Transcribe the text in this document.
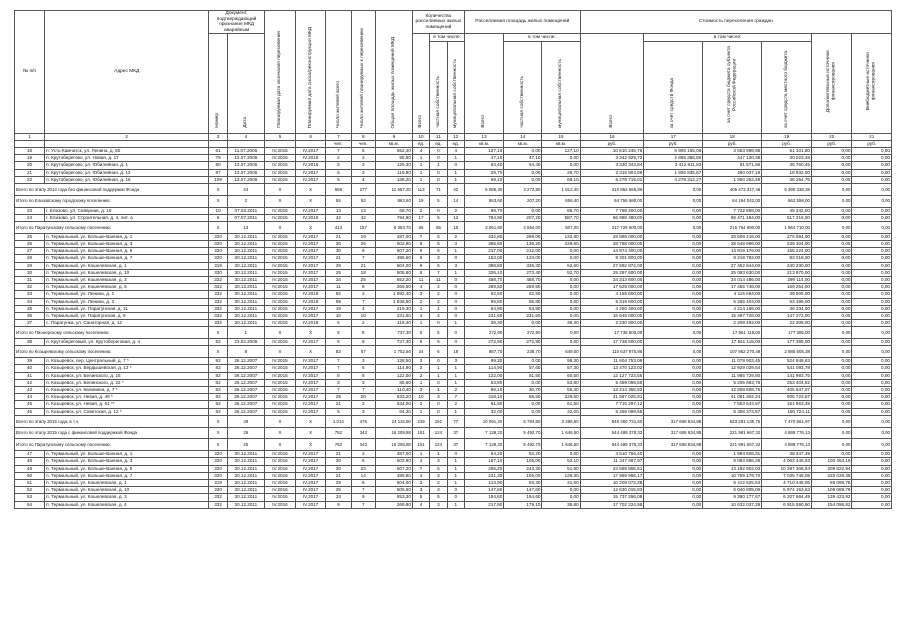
№ п/п	Адрес МКД	Документ, подтверждающий признание МКД аварийным		Планируемая дата окончания переселения	Планируемая дата сноса/реконструкции МКД	Число жителей всего	Число жителей планируемых к переселению	Общая площадь жилых помещений МКД	Количество расселяемых жилых помещений			Расселяемая площадь жилых помещений			Стоимость переселения граждан					
		Номер	Дата						Всего	в том числе:		Всего	в том числе:		Всего	в том числе:			Дополнительные источники финансирования	Внебюджетные источники финансирования
										частная собственность	муниципальная собственность		частная собственность	муниципальная собственность		за счет средств Фонда	за счет средств бюджета субъекта Российской Федерации	за счет средств местного бюджета		
1	2	3	4	5	6	7	8	9	10	11	12	13	14	15	16	17	18	19	20	21
						чел.	чел.	кв.м.	ед.	ед.	ед.	кв.м.	кв.м.	кв.м.	руб.	руб.	руб.	руб.	руб.	руб.
18	п. Усть-Камчатск, ул. Ленина, д. 80	61	11.07.2006	IV.2015	IV.2017	7	5	552,40	4	0	4	127,10	0,00	127,10	10 610 245,76	6 905 155,08	3 653 998,98	51 101,80	0,00	0,00
19	п. Крутоберегово, ул. Новая, д. 17	78	13.07.2006	IV.2015	IV.2016	2	2	95,60	1	0	1	47,10	47,10	0,00	3 342 929,72	2 865 385,86	447 120,38	30 023,48	0,00	0,00
20	п. Крутоберегово, ул. Юбилейная, д. 1	80	13.07.2006	IV.2015	IV.2016	3	3	129,30	1	1	0	64,40	64,40	0,00	3 330 343,84	3 412 911,83	81 671,56	35 760,45	0,00	0,00
21	п. Крутоберегово, ул. Юбилейная, д. 12	87	13.07.2006	IV.2015	IV.2017	6	3	115,90	1	0	1	29,70	0,00	29,70	2 315 804,86	1 806 835,67	490 037,19	18 932,00	0,00	0,00
22	п. Крутоберегово, ул. Юбилейная, д. 16	109	13.07.2006	IV.2015	IV.2017	5	4	138,20	1	0	1	69,10	0,00	69,10	6 276 715,02	4 278 312,27	1 950 252,48	48 254,76	0,00	0,00
Всего по этапу 2014 года без финансовой поддержки Фонда		X	24	X	X	559	277	11 657,20	113	71	42	5 085,30	3 272,80	1 812,40	410 862 655,86	0,00	405 472 317,48	5 390 338,38	0,00	0,00
Итого по Елизовскому городскому поселению:		X	2	X	X	55	53	863,60	19	5	14	863,60	207,20	656,40	64 756 680,00	0,00	64 194 042,00	562 558,00	0,00	0,00
23	г. Елизово, ул. Северная, д. 15	10	07.03.2011	IV.2015	IV.2017	13	13	68,70	2	0	2	68,70	0,00	68,70	7 768 200,00	0,00	7 722 858,00	45 342,00	0,00	0,00
24	г. Елизово, ул. Строительная, д. 4, лит. а	6	07.07.2011	IV.2015	IV.2016	42	42	794,90	17	5	12	794,90	207,20	587,70	56 988 480,00	0,00	56 471 184,00	517 216,00	0,00	0,00
Итого по Паратунскому сельскому поселению:		X	13	X	X	413	157	8 353,70	65	55	10	3 061,80	2 554,00	507,00	217 729 600,00	0,00	215 764 890,00	1 964 710,00	0,00	0,00
25	п. Термальный, ул. Больше-Банная, д. 1	320	30.12.2011	IV.2015	IV.2017	21	19	487,00	7	5	2	432,80	299,00	133,80	28 885 000,00	0,00	28 609 416,00	275 584,00	0,00	0,00
26	п. Термальный, ул. Больше-Банная, д. 3	320	30.12.2011	IV.2015	IV.2017	30	25	502,90	8	5	3	365,80	136,20	229,60	28 788 000,00	0,00	28 548 996,00	239 304,00	0,00	0,00
27	п. Термальный, ул. Больше-Банная, д. 5	320	30.12.2011	IV.2015	IV.2017	30	9	507,20	5	6	1	217,00	212,00	0,00	14 974 400,00	0,00	14 819 176,00	155 224,00	0,00	0,00
28	п. Термальный, ул. Больше-Банная, д. 7	320	30.12.2011	IV.2015	IV.2017	21	7	495,60	5	3	0	153,00	133,00	0,00	8 301 600,00	0,00	8 218 782,00	83 018,00	0,00	0,00
29	п. Термальный, ул. Кошелевская, д. 1	319	30.12.2011	IV.2015	IV.2017	29	21	504,00	9	6	3	388,80	336,30	52,60	27 692 874,00	0,00	27 452 644,00	240 230,00	0,00	0,00
30	п. Термальный, ул. Кошелевская, д. 10	330	30.12.2011	IV.2015	IV.2017	25	18	505,60	8	7	1	326,10	273,40	52,70	25 297 600,00	0,00	25 083 630,00	213 970,00	0,00	0,00
31	п. Термальный, ул. Кошелевская, д. 3	332	30.12.2011	IV.2015	IV.2017	34	25	652,20	11	11	0	458,70	458,70	0,00	34 313 600,00	0,00	34 014 486,00	299 114,00	0,00	0,00
32	п. Термальный, ул. Кошелевская, д. 5	332	30.12.2011	IV.2015	IV.2017	11	8	269,50	4	4	0	269,50	269,50	0,00	17 625 000,00	0,00	17 455 746,00	169 254,00	0,00	0,00
33	п. Термальный, ул. Ленина, д. 2	332	30.12.2011	IV.2015	IV.2018	92	2	1 992,40	3	2	0	62,50	62,50	0,00	4 155 600,00	0,00	4 115 694,00	39 906,00	0,00	0,00
34	п. Термальный, ул. Ленина, д. 3	332	30.12.2011	IV.2015	IV.2018	99	7	1 936,90	2	2	0	85,80	85,80	0,00	5 319 600,00	0,00	5 266 404,00	53 196,00	0,00	0,00
35	п. Термальный, ул. Паратунская, д. 11	332	30.12.2011	IV.2015	IV.2017	19	4	219,30	1	1	0	54,90	54,90	0,00	4 250 400,00	0,00	4 214 166,00	36 234,00	0,00	0,00
36	п. Термальный, ул. Паратунская, д. 6	332	30.12.2011	IV.2015	IV.2017	10	10	231,60	4	4	0	231,60	231,60	0,00	15 645 000,00	0,00	15 497 728,00	147 272,00	0,00	0,00
37	с. Паратунка, ул. Санаторная, д. 12	332	30.12.2011	IV.2015	IV.2018	5	2	118,40	1	0	1	38,30	0,00	38,30	2 230 800,00	0,00	2 208 492,00	22 308,00	0,00	0,00
Итого по Пионерскому сельскому поселению:		X	1	X	X	8	8	737,30	5	5	0	272,90	272,90	0,00	17 738 500,00	0,00	17 561 115,00	177 385,00	0,00	0,00
38	п. Крутоберeговый, ул. Крутоберeговая, д. 4	52	23.03.2006	IV.2015	IV.2017	8	8	737,30	5	5	0	272,90	272,90	0,00	17 738 500,00	0,00	17 561 115,00	177 385,00	0,00	0,00
Итого по Козыревскому сельскому поселению:		X	8	X	X	83	57	1 702,60	24	6	18	887,70	238,70	649,00	110 637 875,86	0,00	107 952 270,48	2 685 605,38	0,00	0,00
39	п. Козыревск, пер. Центральный, д. 7 *	82	26.12.2007	IV.2015	IV.2017	7	3	138,50	3	0	3	99,30	0,00	99,30	11 604 753,08	0,00	11 079 903,45	524 849,63	0,00	0,00
40	п. Козыревск, ул. Бердышевская, д. 13 *	82	26.12.2007	IV.2015	IV.2017	7	6	114,90	2	1	1	114,90	57,60	57,30	13 470 123,02	0,00	12 929 029,54	541 093,78	0,00	0,00
41	п. Козыревск, ул. Белинского, д. 15	82	26.12.2007	IV.2015	IV.2017	8	8	122,00	2	1	1	122,00	61,50	60,50	12 127 723,55	0,00	11 985 729,80	141 993,75	0,00	0,00
42	п. Козыревск, ул. Белинского, д. 22 *	82	26.12.2007	IV.2015	IV.2017	3	3	85,60	1	0	1	53,80	0,00	53,80	5 459 098,58	0,00	5 205 693,76	253 404,82	0,00	0,00
43	п. Козыревск, ул. Калинина, д. 7 *	82	26.12.2007	IV.2015	IV.2017	7	7	110,40	3	1	2	86,10	30,70	55,40	13 214 355,82	0,00	12 808 808,75	405 547,07	0,00	0,00
44	п. Козыревск, ул. Невая, д. 49 *	82	26.12.2007	IV.2015	IV.2017	25	20	533,20	10	3	7	318,10	88,50	229,60	41 587 025,91	0,00	41 081 302,24	505 723,67	0,00	0,00
45	п. Козыревск, ул. Невая, д. 51 **	82	26.12.2007	IV.2015	IV.2017	21	2	534,00	2	0	2	61,50	0,00	61,50	7 715 297,12	0,00	7 553 643,67	161 653,45	0,00	0,00
46	п. Козыревск, ул. Советская, д. 12 *	82	26.12.2007	IV.2015	IV.2017	5	3	64,30	1	0	1	32,00	0,00	32,00	5 459 098,58	0,00	5 308 374,57	150 724,11	0,00	0,00
Всего по этапу 2015 года, в т.ч.		X	49	X	X	1 014	475	24 115,90	229	152	77	10 091,20	6 794,60	3 296,60	848 360 731,60	317 608 934,88	523 281 135,75	7 470 661,97	0,00	0,00
Всего по этапу 2015 года с финансовой поддержкой Фонда		X	26	X	X	752	343	16 208,88	161	124	37	7 139,20	5 492,70	1 646,50	544 489 378,33	317 608 934,88	221 991 667,32	4 888 776,13	0,00	0,00
Итого по Паратунскому сельскому поселению:		X	26	X	X	752	343	16 208,88	161	124	37	7 139,20	5 492,70	1 646,50	544 489 378,33	317 608 934,88	221 991 667,32	4 888 776,13	0,00	0,00
47	п. Термальный, ул. Больше-Банная, д. 1	320	30.12.2011	IV.2016	IV.2017	21	2	487,00	1	1	0	54,20	54,20	0,00	4 510 766,40	0,00	1 993 806,31	38 347,49	0,00	0,00
48	п. Термальный, ул. Больше-Банная, д. 3	320	30.12.2011	IV.2016	IV.2017	30	5	502,90	4	3	1	157,10	105,00	52,10	11 347 487,97	0,00	9 083 888,28	4 063 445,53	100 453,16	0,00
49	п. Термальный, ул. Больше-Банная, д. 5	320	30.12.2011	IV.2016	IV.2017	30	23	507,20	7	6	1	295,20	243,30	51,90	23 689 855,51	0,00	13 182 902,03	10 297 308,54	209 622,94	0,00
50	п. Термальный, ул. Больше-Банная, д. 7	320	30.12.2011	IV.2016	IV.2017	21	14	495,60	4	3	1	231,30	105,00	126,30	17 969 956,17	0,00	10 759 179,70	7 035 748,09	225 028,38	0,00
51	п. Термальный, ул. Кошелевская, д. 1	319	30.12.2011	IV.2016	IV.2017	29	8	504,00	3	2	1	114,90	83,30	31,60	10 209 072,38	0,00	5 412 625,53	4 710 448,06	86 098,78	0,00
52	п. Термальный, ул. Кошелевская, д. 10	330	30.12.2011	IV.2016	IV.2017	25	7	505,60	3	3	0	147,60	147,60	0,00	12 630 015,83	0,00	6 040 805,06	5 974 153,63	109 088,76	0,00
53	п. Термальный, ул. Кошелевская, д. 3	332	30.12.2011	IV.2016	IV.2017	34	9	653,30	5	5	0	194,60	194,60	0,00	15 737 266,08	0,00	9 390 177,67	6 207 664,49	139 423,92	0,00
54	п. Термальный, ул. Кошелевская, д. 4	332	30.12.2011	IV.2016	IV.2017	9	7	269,90	4	3	1	217,90	179,10	38,80	17 702 224,98	0,00	10 632 037,28	6 915 590,90	154 096,82	0,00
